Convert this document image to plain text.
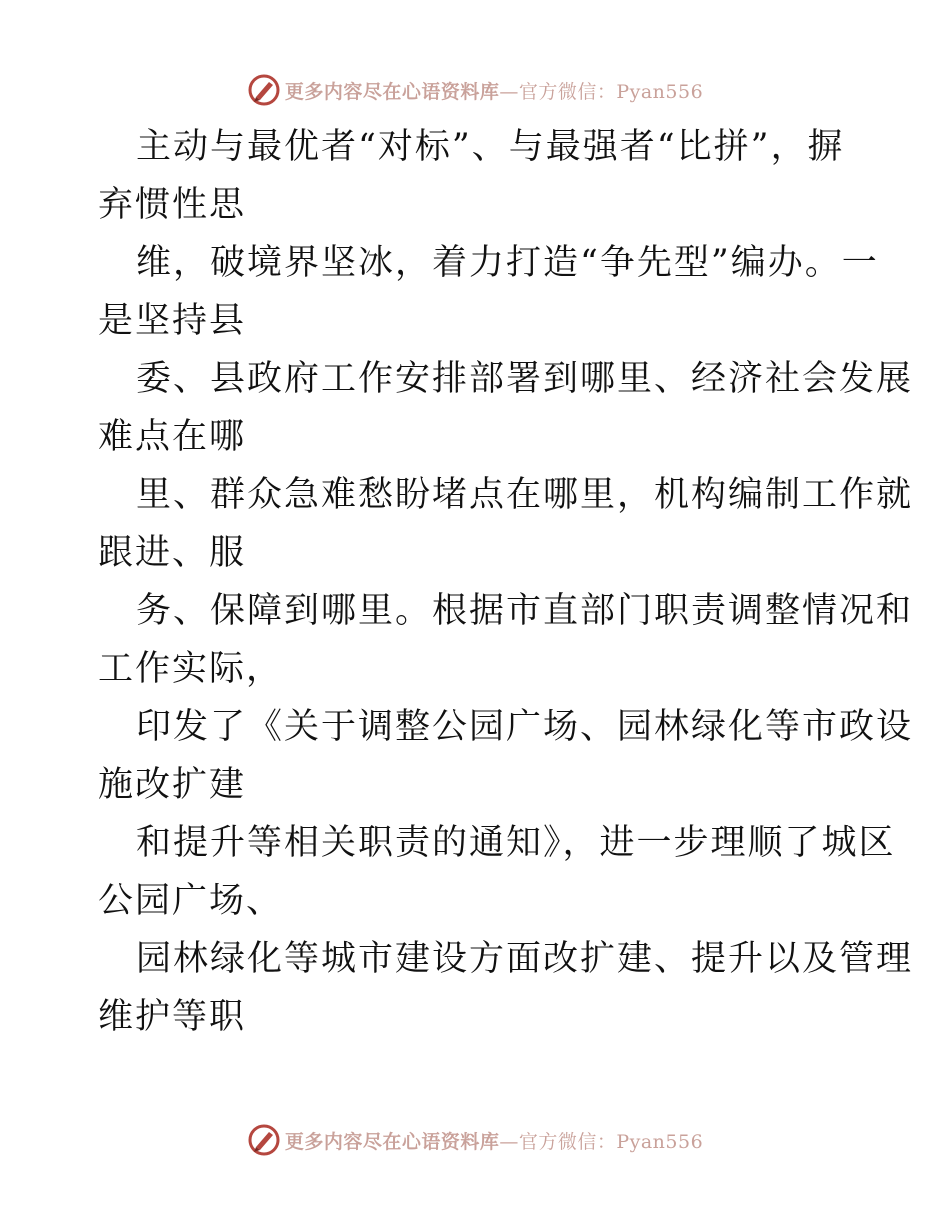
更多内容尽在心语资料库—官方微信：Pyan556
主动与最优者“对标”、与最强者“比拼”，摒
弃惯性思
维，破境界坚冰，着力打造“争先型”编办。一
是坚持县
委、县政府工作安排部署到哪里、经济社会发展
难点在哪
里、群众急难愁盼堵点在哪里，机构编制工作就
跟进、服
务、保障到哪里。根据市直部门职责调整情况和
工作实际，
印发了《关于调整公园广场、园林绿化等市政设
施改扩建
和提升等相关职责的通知》，进一步理顺了城区
公园广场、
园林绿化等城市建设方面改扩建、提升以及管理
维护等职
更多内容尽在心语资料库—官方微信：Pyan556
